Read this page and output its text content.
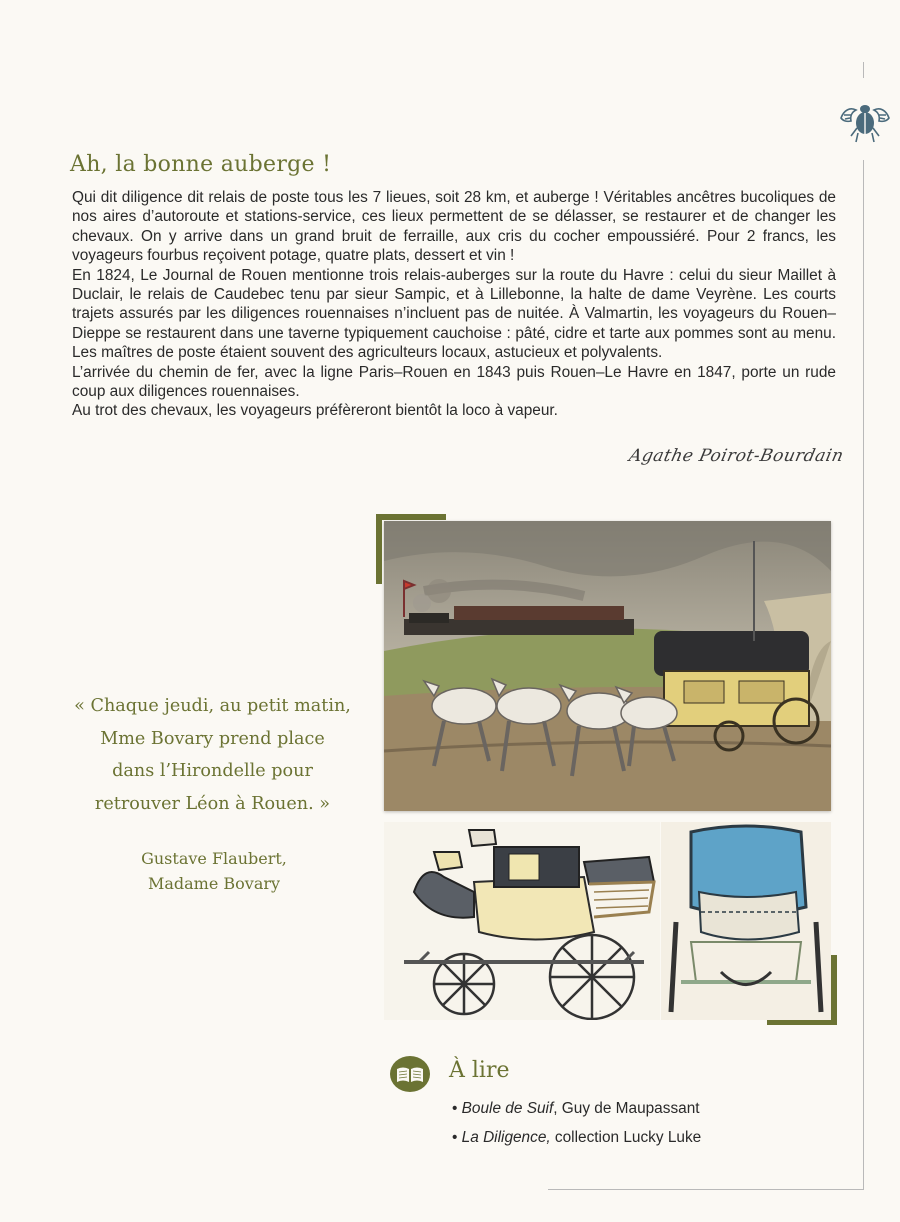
Ah, la bonne auberge !

Qui dit diligence dit relais de poste tous les 7 lieues, soit 28 km, et auberge ! Véritables ancêtres bucoliques de nos aires d’autoroute et stations-service, ces lieux permettent de se délasser, se restaurer et de changer les chevaux. On y arrive dans un grand bruit de ferraille, aux cris du cocher empoussiéré. Pour 2 francs, les voyageurs fourbus reçoivent potage, quatre plats, dessert et vin !

En 1824, Le Journal de Rouen mentionne trois relais-auberges sur la route du Havre : celui du sieur Maillet à Duclair, le relais de Caudebec tenu par sieur Sampic, et à Lillebonne, la halte de dame Veyrène. Les courts trajets assurés par les diligences rouennaises n’incluent pas de nuitée. À Valmartin, les voyageurs du Rouen–Dieppe se restaurent dans une taverne typiquement cauchoise : pâté, cidre et tarte aux pommes sont au menu. Les maîtres de poste étaient souvent des agriculteurs locaux, astucieux et polyvalents.

L’arrivée du chemin de fer, avec la ligne Paris–Rouen en 1843 puis Rouen–Le Havre en 1847, porte un rude coup aux diligences rouennaises.

Au trot des chevaux, les voyageurs préfèreront bientôt la loco à vapeur.

Agathe Poirot-Bourdain
« Chaque jeudi, au petit matin,
Mme Bovary prend place
dans l’Hirondelle pour
retrouver Léon à Rouen. »
Gustave Flaubert,
Madame Bovary
À lire
• Boule de Suif, Guy de Maupassant
• La Diligence, collection Lucky Luke
